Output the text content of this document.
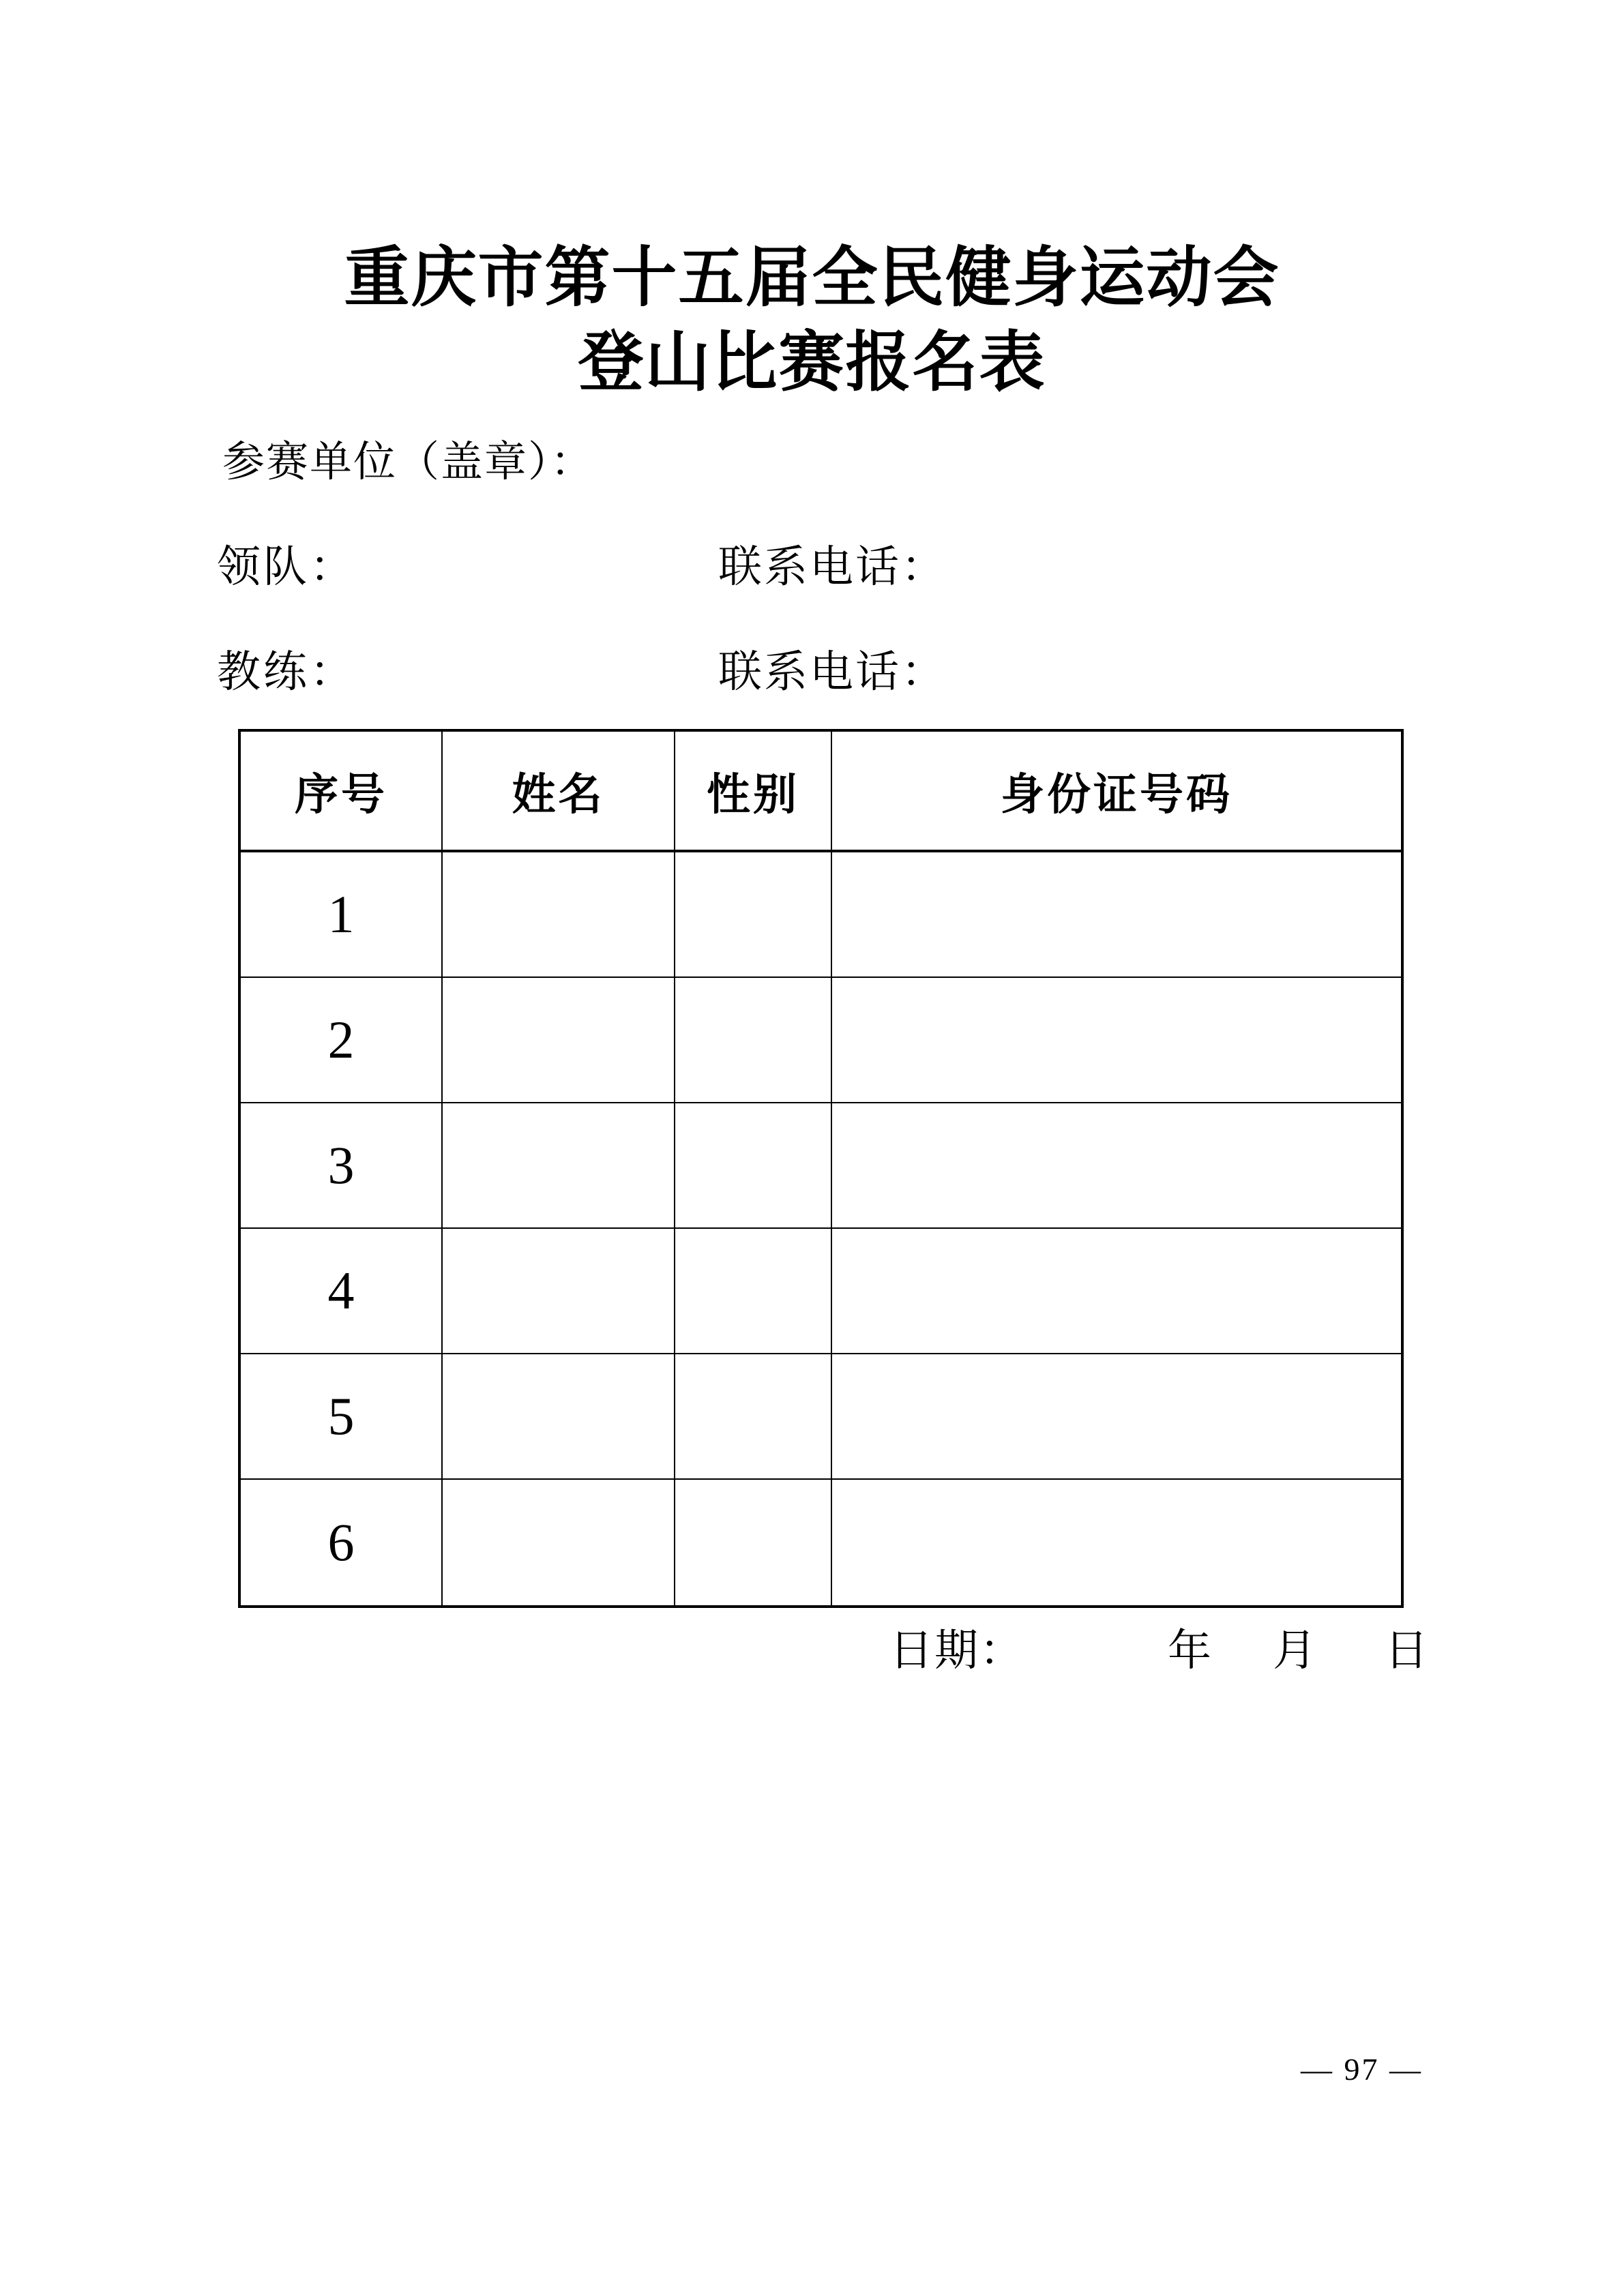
重庆市第十五届全民健身运动会
登山比赛报名表
参赛单位（盖章）：
领队：	联系电话：
教练：	联系电话：
序号	姓名	性别	身份证号码
1
2
3
4
5
6
日期：	年 月 日
— 97 —
